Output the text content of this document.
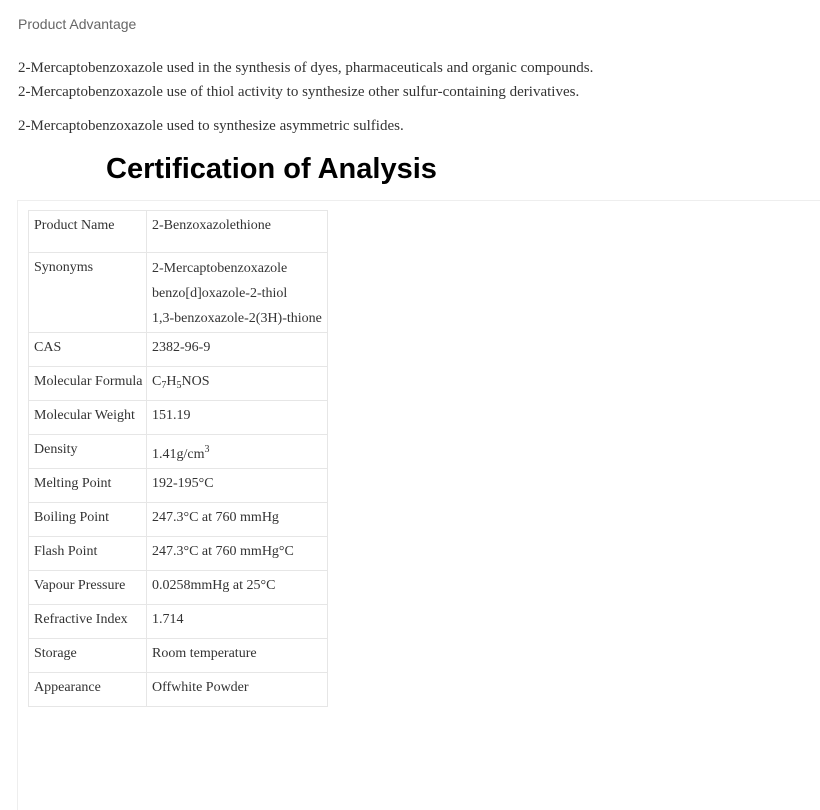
Product Advantage

2-Mercaptobenzoxazole used in the synthesis of dyes, pharmaceuticals and organic compounds.

2-Mercaptobenzoxazole use of thiol activity to synthesize other sulfur-containing derivatives.

2-Mercaptobenzoxazole used to synthesize asymmetric sulfides.

Certification of Analysis
Product Name	2-Benzoxazolethione
Synonyms	2-Mercaptobenzoxazole
benzo[d]oxazole-2-thiol
1,3-benzoxazole-2(3H)-thione

CAS	2382-96-9
Molecular Formula	$C_7H_5NOS$
Molecular Weight	151.19
Density	$1.41g/cm^3$
Melting Point	192-195°C
Boiling Point	247.3°C at 760 mmHg
Flash Point	247.3°C at 760 mmHg°C
Vapour Pressure	0.0258mmHg at 25°C
Refractive Index	1.714
Storage	Room temperature
Appearance	Offwhite Powder
